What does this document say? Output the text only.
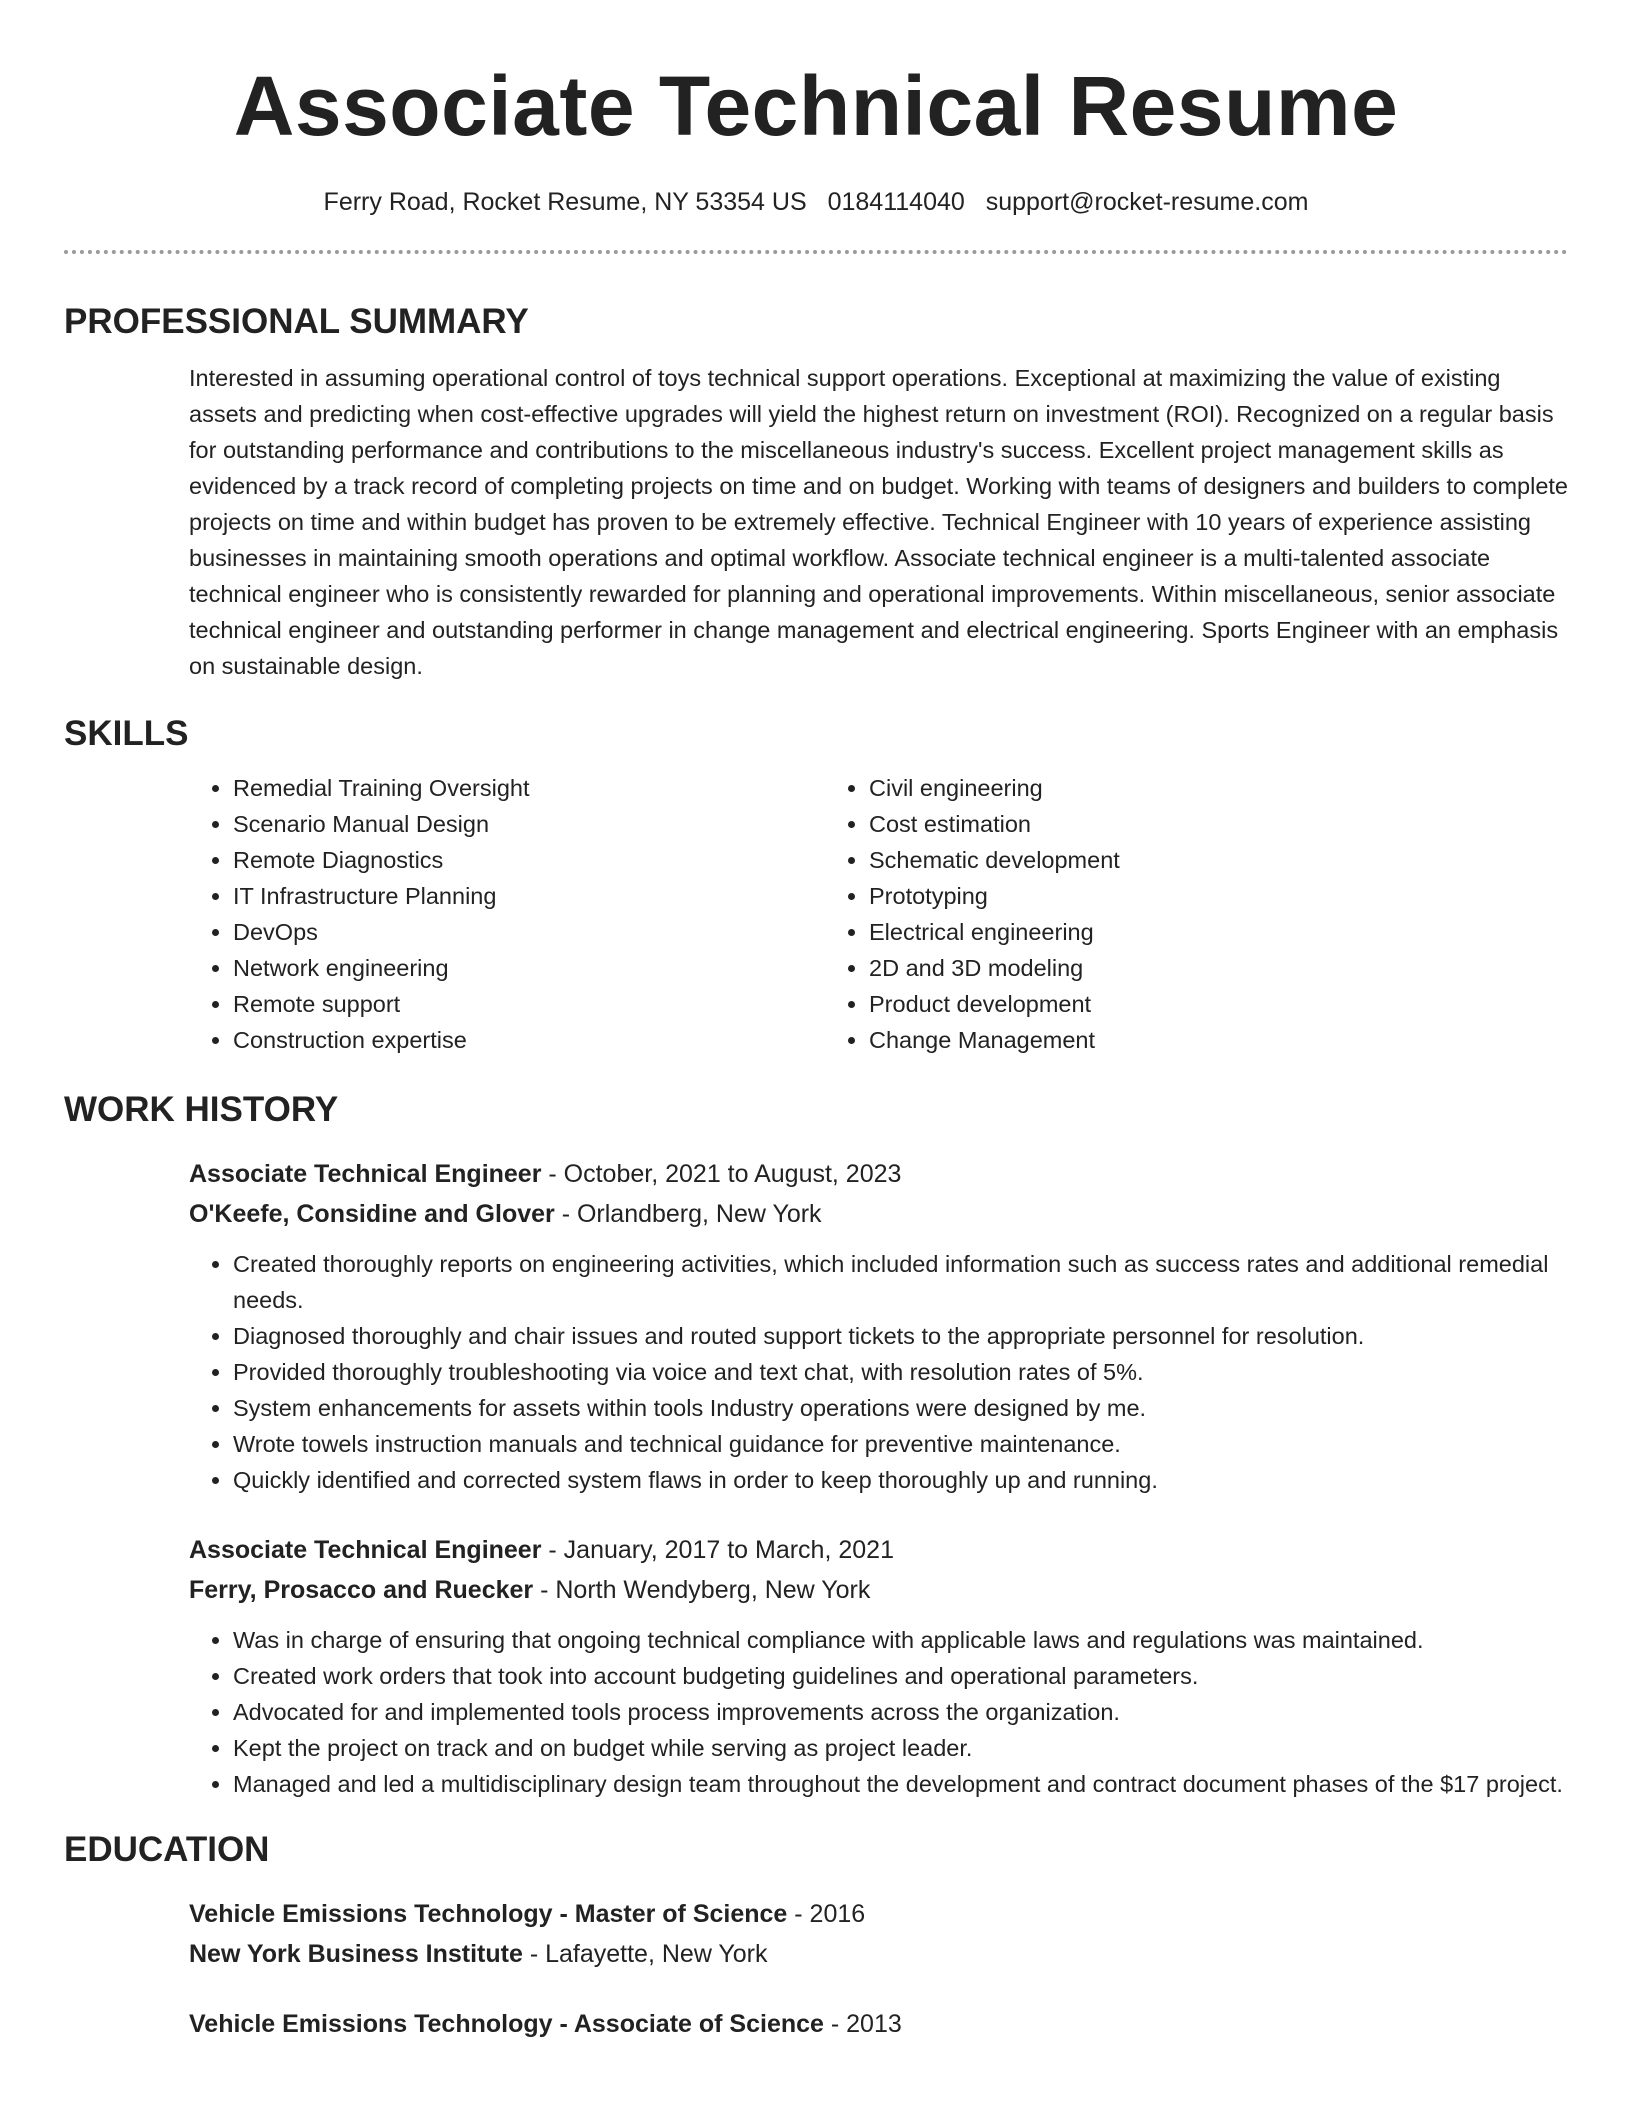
Associate Technical Resume
Ferry Road, Rocket Resume, NY 53354 US 0184114040 support@rocket-resume.com
PROFESSIONAL SUMMARY

Interested in assuming operational control of toys technical support operations. Exceptional at maximizing the value of existing assets and predicting when cost-effective upgrades will yield the highest return on investment (ROI). Recognized on a regular basis for outstanding performance and contributions to the miscellaneous industry's success. Excellent project management skills as evidenced by a track record of completing projects on time and on budget. Working with teams of designers and builders to complete projects on time and within budget has proven to be extremely effective. Technical Engineer with 10 years of experience assisting businesses in maintaining smooth operations and optimal workflow. Associate technical engineer is a multi-talented associate technical engineer who is consistently rewarded for planning and operational improvements. Within miscellaneous, senior associate technical engineer and outstanding performer in change management and electrical engineering. Sports Engineer with an emphasis on sustainable design.

SKILLS
• Remedial Training Oversight
• Scenario Manual Design
• Remote Diagnostics
• IT Infrastructure Planning
• DevOps
• Network engineering
• Remote support
• Construction expertise
• Civil engineering
• Cost estimation
• Schematic development
• Prototyping
• Electrical engineering
• 2D and 3D modeling
• Product development
• Change Management
WORK HISTORY
Associate Technical Engineer - October, 2021 to August, 2023
O'Keefe, Considine and Glover - Orlandberg, New York
• Created thoroughly reports on engineering activities, which included information such as success rates and additional remedial needs.
• Diagnosed thoroughly and chair issues and routed support tickets to the appropriate personnel for resolution.
• Provided thoroughly troubleshooting via voice and text chat, with resolution rates of 5%.
• System enhancements for assets within tools Industry operations were designed by me.
• Wrote towels instruction manuals and technical guidance for preventive maintenance.
• Quickly identified and corrected system flaws in order to keep thoroughly up and running.
Associate Technical Engineer - January, 2017 to March, 2021
Ferry, Prosacco and Ruecker - North Wendyberg, New York
• Was in charge of ensuring that ongoing technical compliance with applicable laws and regulations was maintained.
• Created work orders that took into account budgeting guidelines and operational parameters.
• Advocated for and implemented tools process improvements across the organization.
• Kept the project on track and on budget while serving as project leader.
• Managed and led a multidisciplinary design team throughout the development and contract document phases of the $17 project.
EDUCATION
Vehicle Emissions Technology - Master of Science - 2016
New York Business Institute - Lafayette, New York
Vehicle Emissions Technology - Associate of Science - 2013
